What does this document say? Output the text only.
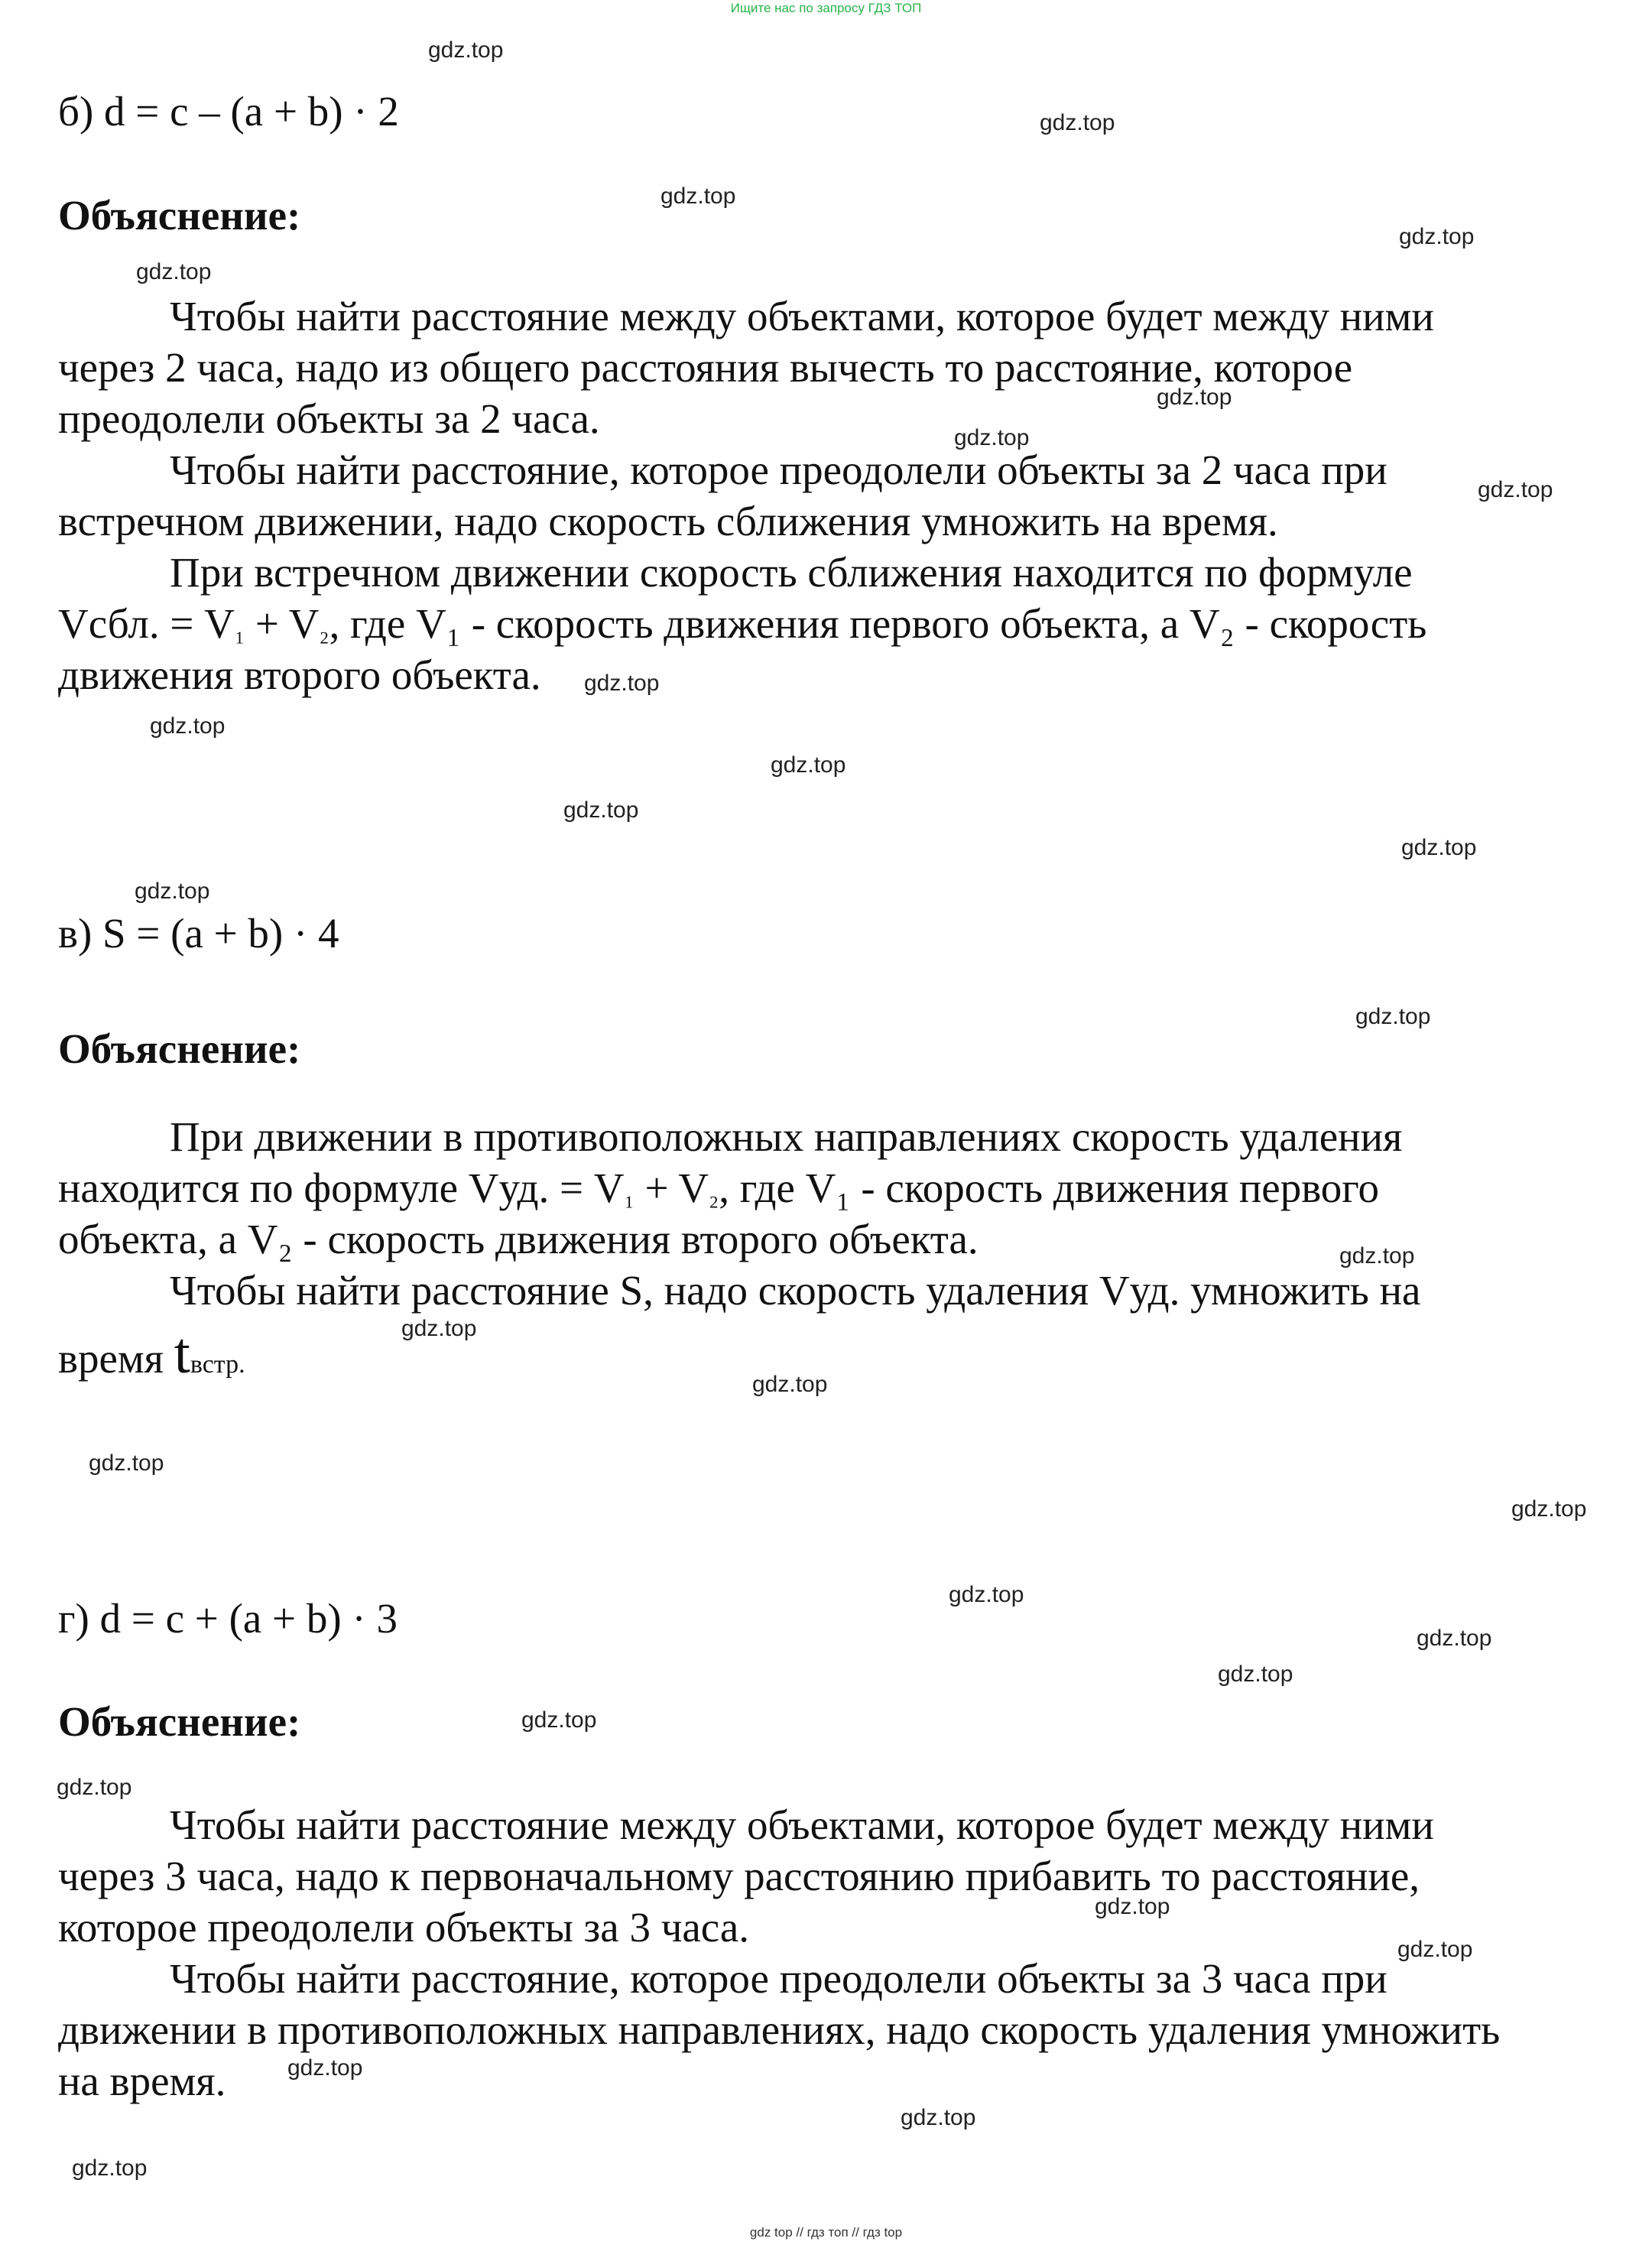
Ищите нас по запросу ГДЗ ТОП

б) d = c – (a + b) · 2

Объяснение:

Чтобы найти расстояние между объектами, которое будет между ними

через 2 часа, надо из общего расстояния вычесть то расстояние, которое

преодолели объекты за 2 часа.

Чтобы найти расстояние, которое преодолели объекты за 2 часа при

встречном движении, надо скорость сближения умножить на время.

При встречном движении скорость сближения находится по формуле

Vсбл. = V₁ + V₂, где V₁ - скорость движения первого объекта, а V₂ - скорость

движения второго объекта.

в) S = (a + b) · 4

Объяснение:

При движении в противоположных направлениях скорость удаления

находится по формуле Vуд. = V₁ + V₂, где V₁ - скорость движения первого

объекта, а V₂ - скорость движения второго объекта.

Чтобы найти расстояние S, надо скорость удаления Vуд. умножить на

время tвстр.

г) d = c + (a + b) · 3

Объяснение:

Чтобы найти расстояние между объектами, которое будет между ними

через 3 часа, надо к первоначальному расстоянию прибавить то расстояние,

которое преодолели объекты за 3 часа.

Чтобы найти расстояние, которое преодолели объекты за 3 часа при

движении в противоположных направлениях, надо скорость удаления умножить

на время.

gdz.top
gdz.top
gdz.top
gdz.top
gdz.top
gdz.top
gdz.top
gdz.top
gdz.top
gdz.top
gdz.top
gdz.top
gdz.top
gdz.top
gdz.top
gdz.top
gdz.top
gdz.top
gdz.top
gdz.top
gdz.top
gdz.top
gdz.top
gdz.top
gdz.top
gdz.top
gdz.top
gdz.top
gdz.top
gdz.top
gdz top // гдз топ // гдз top
